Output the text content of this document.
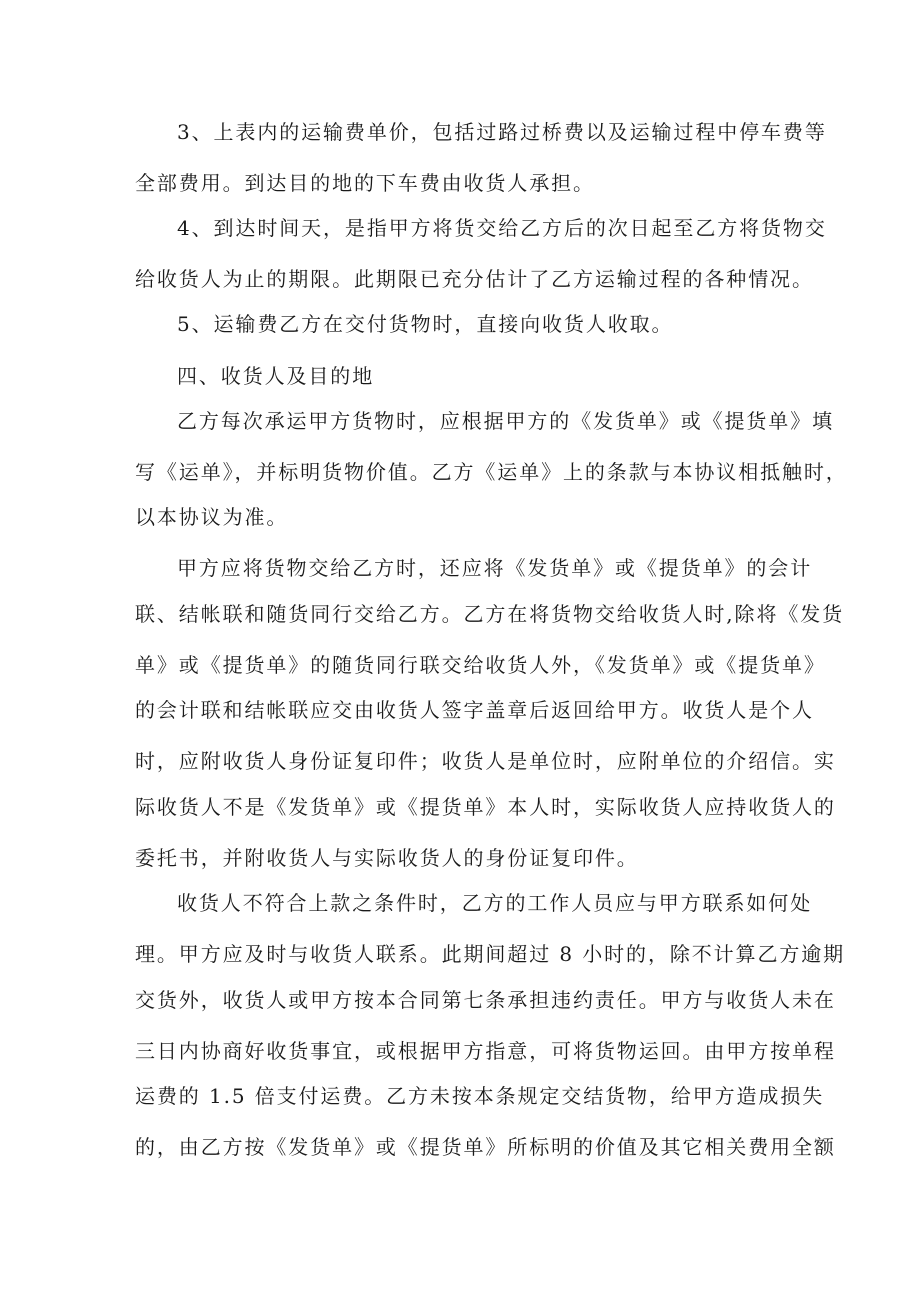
3、上表内的运输费单价，包括过路过桥费以及运输过程中停车费等
全部费用。到达目的地的下车费由收货人承担。
4、到达时间天，是指甲方将货交给乙方后的次日起至乙方将货物交
给收货人为止的期限。此期限已充分估计了乙方运输过程的各种情况。
5、运输费乙方在交付货物时，直接向收货人收取。
四、收货人及目的地
乙方每次承运甲方货物时，应根据甲方的《发货单》或《提货单》填
写《运单》，并标明货物价值。乙方《运单》上的条款与本协议相抵触时，
以本协议为准。
甲方应将货物交给乙方时，还应将《发货单》或《提货单》的会计
联、结帐联和随货同行交给乙方。乙方在将货物交给收货人时,除将《发货
单》或《提货单》的随货同行联交给收货人外，《发货单》或《提货单》
的会计联和结帐联应交由收货人签字盖章后返回给甲方。收货人是个人
时，应附收货人身份证复印件；收货人是单位时，应附单位的介绍信。实
际收货人不是《发货单》或《提货单》本人时，实际收货人应持收货人的
委托书，并附收货人与实际收货人的身份证复印件。
收货人不符合上款之条件时，乙方的工作人员应与甲方联系如何处
理。甲方应及时与收货人联系。此期间超过 8 小时的，除不计算乙方逾期
交货外，收货人或甲方按本合同第七条承担违约责任。甲方与收货人未在
三日内协商好收货事宜，或根据甲方指意，可将货物运回。由甲方按单程
运费的 1.5 倍支付运费。乙方未按本条规定交结货物，给甲方造成损失
的，由乙方按《发货单》或《提货单》所标明的价值及其它相关费用全额
